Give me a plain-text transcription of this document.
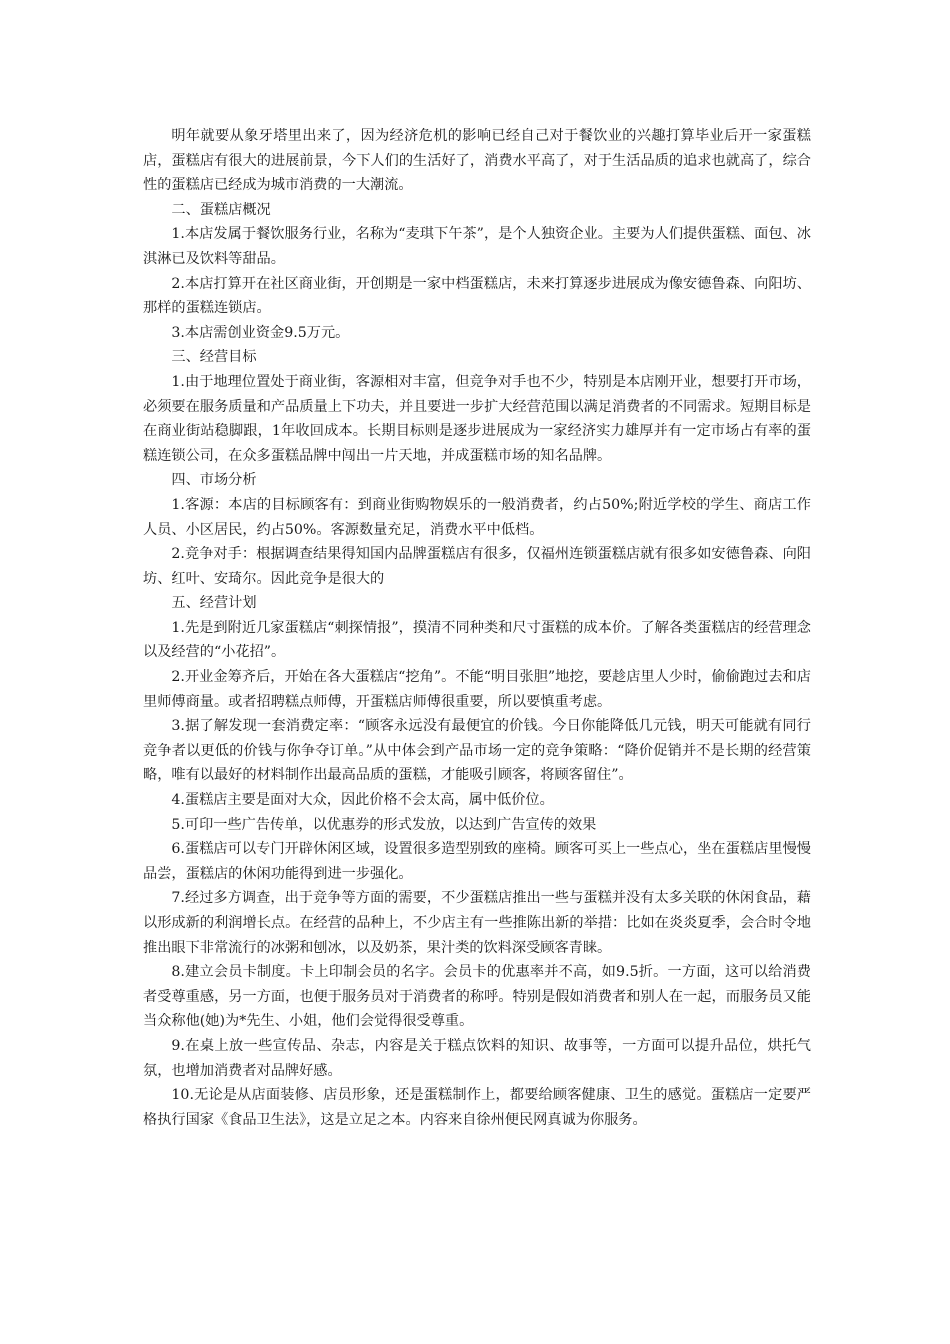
明年就要从象牙塔里出来了，因为经济危机的影响已经自己对于餐饮业的兴趣打算毕业后开一家蛋糕店，蛋糕店有很大的进展前景，今下人们的生活好了，消费水平高了，对于生活品质的追求也就高了，综合性的蛋糕店已经成为城市消费的一大潮流。

二、蛋糕店概况

1.本店发属于餐饮服务行业，名称为“麦琪下午茶”，是个人独资企业。主要为人们提供蛋糕、面包、冰淇淋已及饮料等甜品。

2.本店打算开在社区商业街，开创期是一家中档蛋糕店，未来打算逐步进展成为像安德鲁森、向阳坊、那样的蛋糕连锁店。

3.本店需创业资金9.5万元。

三、经营目标

1.由于地理位置处于商业街，客源相对丰富，但竞争对手也不少，特别是本店刚开业，想要打开市场，必须要在服务质量和产品质量上下功夫，并且要进一步扩大经营范围以满足消费者的不同需求。短期目标是在商业街站稳脚跟，1年收回成本。长期目标则是逐步进展成为一家经济实力雄厚并有一定市场占有率的蛋糕连锁公司，在众多蛋糕品牌中闯出一片天地，并成蛋糕市场的知名品牌。

四、市场分析

1.客源：本店的目标顾客有：到商业街购物娱乐的一般消费者，约占50%;附近学校的学生、商店工作人员、小区居民，约占50%。客源数量充足，消费水平中低档。

2.竞争对手：根据调查结果得知国内品牌蛋糕店有很多，仅福州连锁蛋糕店就有很多如安德鲁森、向阳坊、红叶、安琦尔。因此竞争是很大的

五、经营计划

1.先是到附近几家蛋糕店“刺探情报”，摸清不同种类和尺寸蛋糕的成本价。了解各类蛋糕店的经营理念以及经营的“小花招”。

2.开业金筹齐后，开始在各大蛋糕店“挖角”。不能“明目张胆”地挖，要趁店里人少时，偷偷跑过去和店里师傅商量。或者招聘糕点师傅，开蛋糕店师傅很重要，所以要慎重考虑。

3.据了解发现一套消费定率：“顾客永远没有最便宜的价钱。今日你能降低几元钱，明天可能就有同行竞争者以更低的价钱与你争夺订单。”从中体会到产品市场一定的竞争策略：“降价促销并不是长期的经营策略，唯有以最好的材料制作出最高品质的蛋糕，才能吸引顾客，将顾客留住”。

4.蛋糕店主要是面对大众，因此价格不会太高，属中低价位。

5.可印一些广告传单，以优惠券的形式发放，以达到广告宣传的效果

6.蛋糕店可以专门开辟休闲区域，设置很多造型别致的座椅。顾客可买上一些点心，坐在蛋糕店里慢慢品尝，蛋糕店的休闲功能得到进一步强化。

7.经过多方调查，出于竞争等方面的需要，不少蛋糕店推出一些与蛋糕并没有太多关联的休闲食品，藉以形成新的利润增长点。在经营的品种上，不少店主有一些推陈出新的举措：比如在炎炎夏季，会合时令地推出眼下非常流行的冰粥和刨冰，以及奶茶，果汁类的饮料深受顾客青睐。

8.建立会员卡制度。卡上印制会员的名字。会员卡的优惠率并不高，如9.5折。一方面，这可以给消费者受尊重感，另一方面，也便于服务员对于消费者的称呼。特别是假如消费者和别人在一起，而服务员又能当众称他(她)为*先生、小姐，他们会觉得很受尊重。

9.在桌上放一些宣传品、杂志，内容是关于糕点饮料的知识、故事等，一方面可以提升品位，烘托气氛，也增加消费者对品牌好感。

10.无论是从店面装修、店员形象，还是蛋糕制作上，都要给顾客健康、卫生的感觉。蛋糕店一定要严格执行国家《食品卫生法》，这是立足之本。内容来自徐州便民网真诚为你服务。
